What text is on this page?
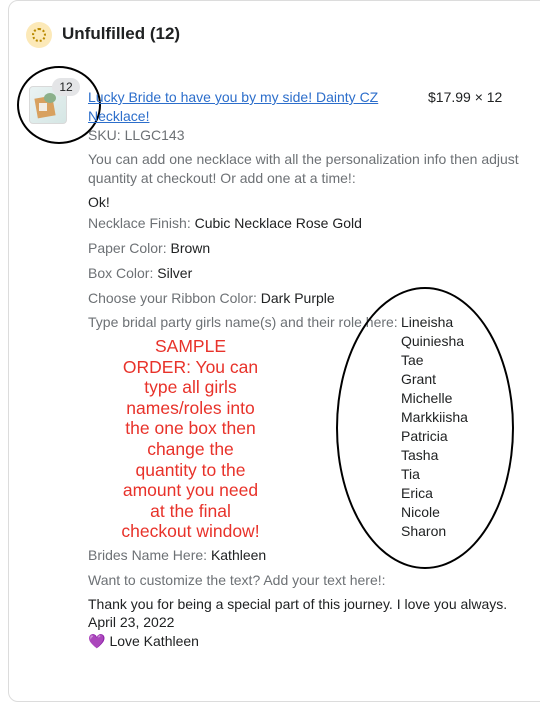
Unfulfilled (12)
12
Lucky Bride to have you by my side! Dainty CZ
Necklace!
$17.99 × 12
SKU: LLGC143
You can add one necklace with all the personalization info then adjust
quantity at checkout! Or add one at a time!:
Ok!
Necklace Finish: Cubic Necklace Rose Gold
Paper Color: Brown
Box Color: Silver
Choose your Ribbon Color: Dark Purple
Type bridal party girls name(s) and their role here: Lineisha
Quiniesha
Tae
Grant
Michelle
Markkiisha
Patricia
Tasha
Tia
Erica
Nicole
Sharon
SAMPLE
ORDER: You can
type all girls
names/roles into
the one box then
change the
quantity to the
amount you need
at the final
checkout window!
Brides Name Here: Kathleen
Want to customize the text? Add your text here!:
Thank you for being a special part of this journey. I love you always.
April 23, 2022
💜 Love Kathleen
